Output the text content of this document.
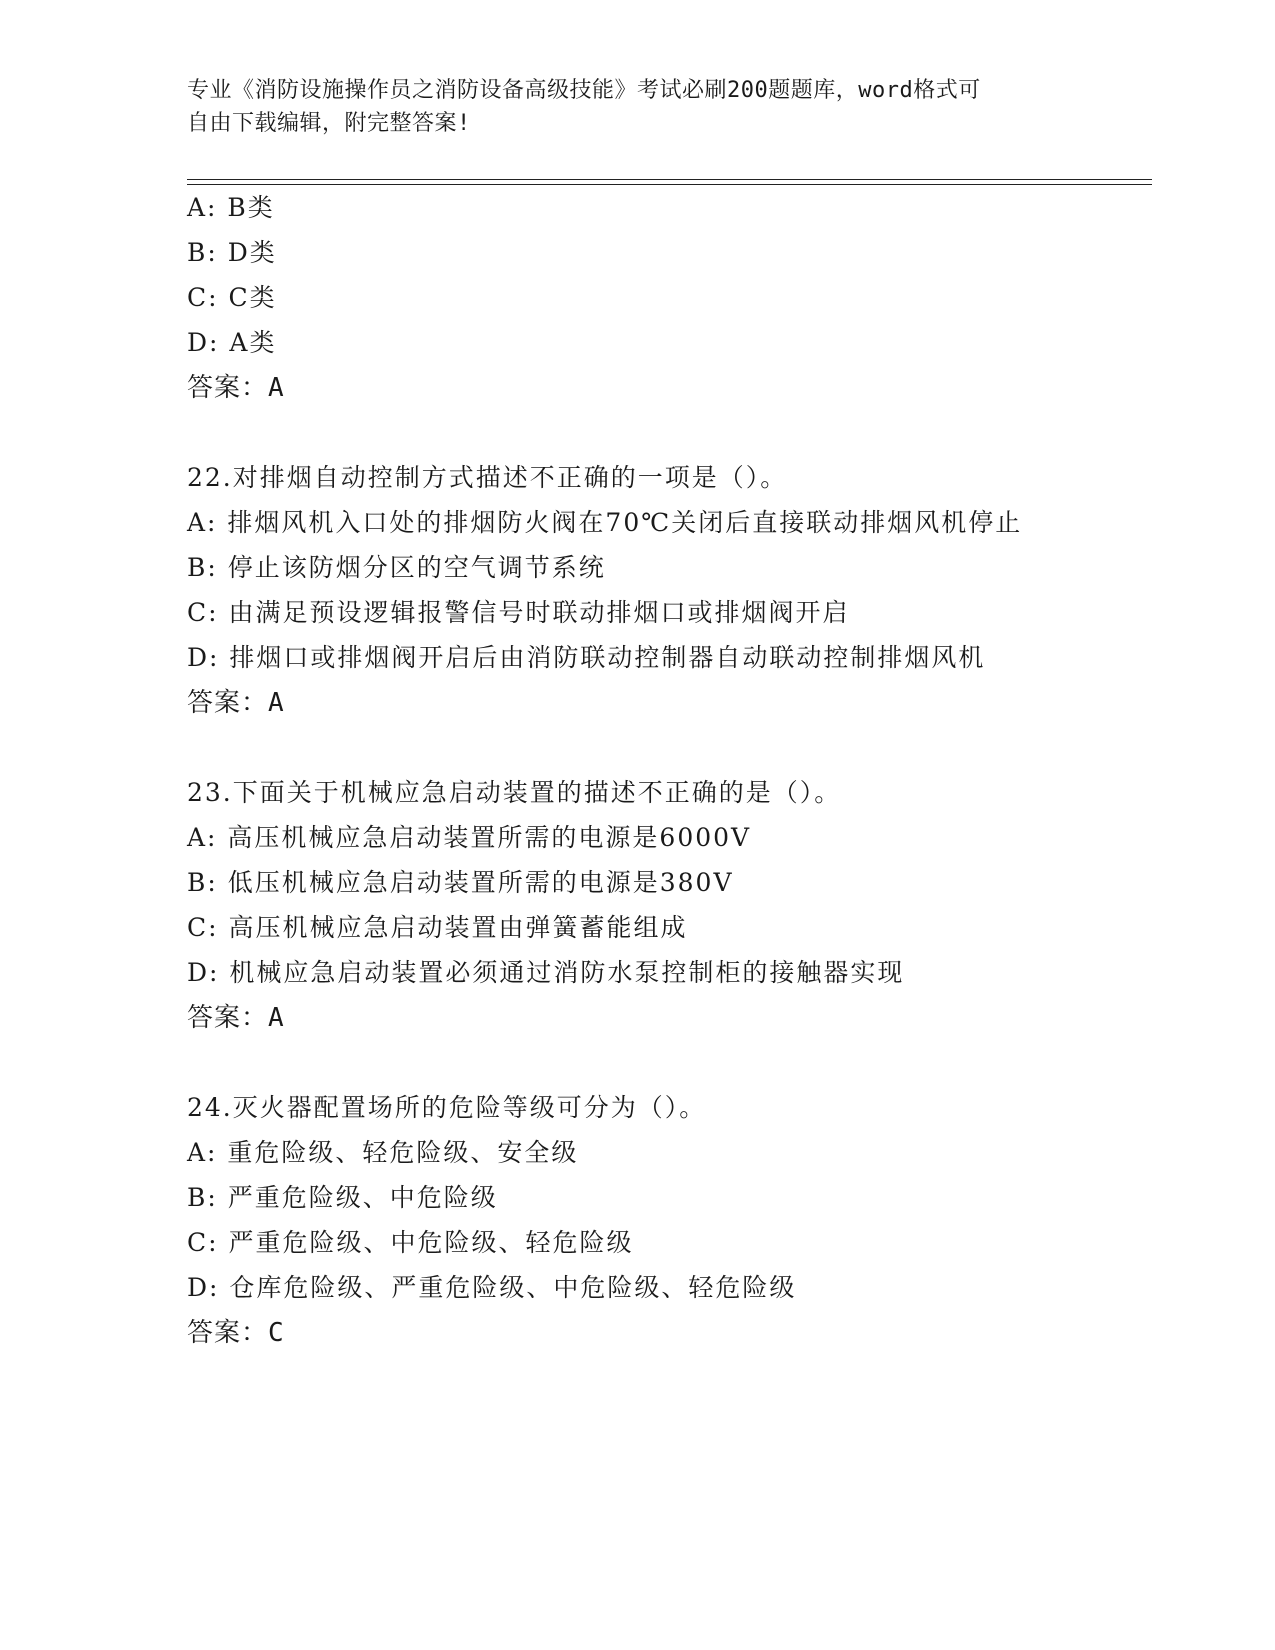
专业《消防设施操作员之消防设备高级技能》考试必刷200题题库，word格式可
自由下载编辑，附完整答案!
A: B类
B: D类
C: C类
D: A类
答案：A
22.对排烟自动控制方式描述不正确的一项是（）。
A: 排烟风机入口处的排烟防火阀在70℃关闭后直接联动排烟风机停止
B: 停止该防烟分区的空气调节系统
C: 由满足预设逻辑报警信号时联动排烟口或排烟阀开启
D: 排烟口或排烟阀开启后由消防联动控制器自动联动控制排烟风机
答案：A
23.下面关于机械应急启动装置的描述不正确的是（）。
A: 高压机械应急启动装置所需的电源是6000V
B: 低压机械应急启动装置所需的电源是380V
C: 高压机械应急启动装置由弹簧蓄能组成
D: 机械应急启动装置必须通过消防水泵控制柜的接触器实现
答案：A
24.灭火器配置场所的危险等级可分为（）。
A: 重危险级、轻危险级、安全级
B: 严重危险级、中危险级
C: 严重危险级、中危险级、轻危险级
D: 仓库危险级、严重危险级、中危险级、轻危险级
答案：C
